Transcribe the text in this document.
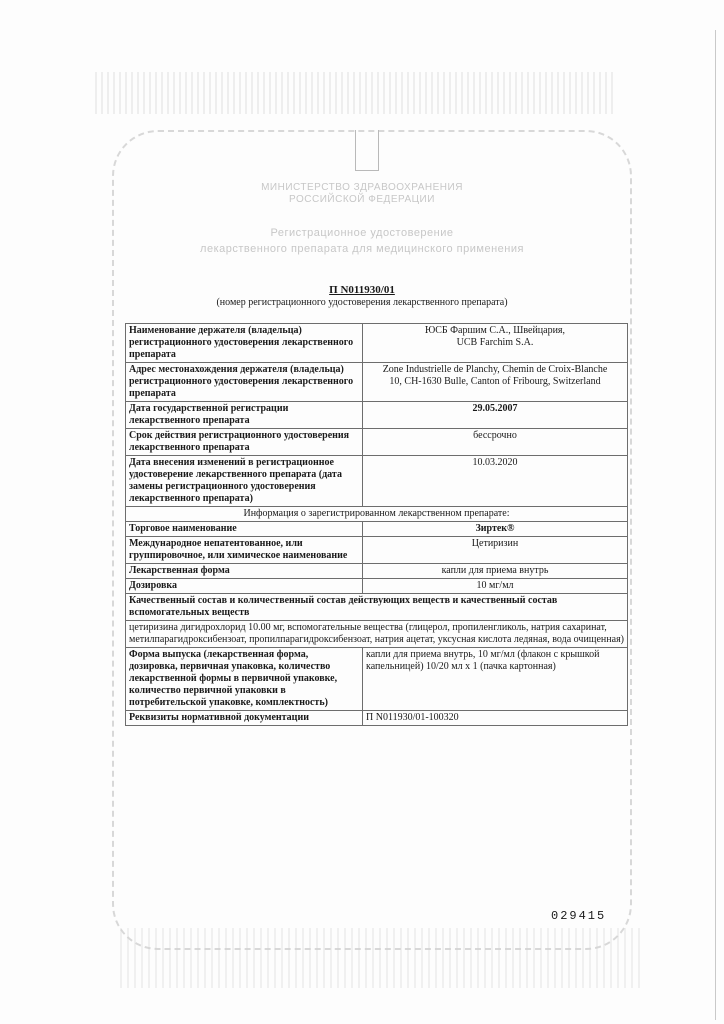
МИНИСТЕРСТВО ЗДРАВООХРАНЕНИЯ
РОССИЙСКОЙ ФЕДЕРАЦИИ
Регистрационное удостоверение
лекарственного препарата для медицинского применения
П N011930/01
(номер регистрационного удостоверения лекарственного препарата)
Наименование держателя (владельца) регистрационного удостоверения лекарственного препарата	ЮСБ Фаршим С.А., Швейцария,
UCB Farchim S.A.

Адрес местонахождения держателя (владельца) регистрационного удостоверения лекарственного препарата	Zone Industrielle de Planchy, Chemin de Croix-Blanche
10, CH-1630 Bulle, Canton of Fribourg, Switzerland

Дата государственной регистрации лекарственного препарата	29.05.2007
Срок действия регистрационного удостоверения лекарственного препарата	бессрочно
Дата внесения изменений в регистрационное удостоверение лекарственного препарата (дата замены регистрационного удостоверения лекарственного препарата)	10.03.2020
Информация о зарегистрированном лекарственном препарате:	
Торговое наименование	Зиртек®
Международное непатентованное, или группировочное, или химическое наименование	Цетиризин
Лекарственная форма	капли для приема внутрь
Дозировка	10 мг/мл
Качественный состав и количественный состав действующих веществ и качественный состав вспомогательных веществ	
цетиризина дигидрохлорид 10.00 мг, вспомогательные вещества (глицерол, пропиленгликоль, натрия сахаринат, метилпарагидроксибензоат, пропилпарагидроксибензоат, натрия ацетат, уксусная кислота ледяная, вода очищенная)	
Форма выпуска (лекарственная форма, дозировка, первичная упаковка, количество лекарственной формы в первичной упаковке, количество первичной упаковки в потребительской упаковке, комплектность)	капли для приема внутрь, 10 мг/мл (флакон с крышкой капельницей) 10/20 мл x 1 (пачка картонная)
Реквизиты нормативной документации	П N011930/01-100320
029415
